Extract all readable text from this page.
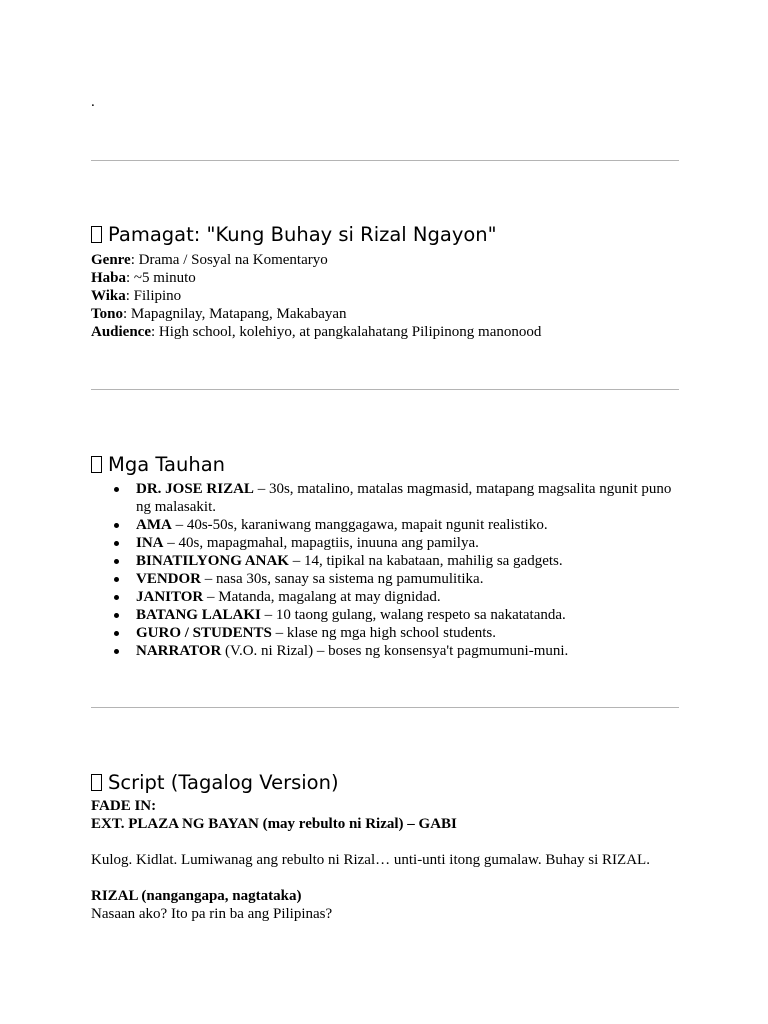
.
Pamagat: "Kung Buhay si Rizal Ngayon"
Genre: Drama / Sosyal na Komentaryo
Haba: ~5 minuto
Wika: Filipino
Tono: Mapagnilay, Matapang, Makabayan
Audience: High school, kolehiyo, at pangkalahatang Pilipinong manonood
Mga Tauhan
DR. JOSE RIZAL – 30s, matalino, matalas magmasid, matapang magsalita ngunit puno ng malasakit.
AMA – 40s-50s, karaniwang manggagawa, mapait ngunit realistiko.
INA – 40s, mapagmahal, mapagtiis, inuuna ang pamilya.
BINATILYONG ANAK – 14, tipikal na kabataan, mahilig sa gadgets.
VENDOR – nasa 30s, sanay sa sistema ng pamumulitika.
JANITOR – Matanda, magalang at may dignidad.
BATANG LALAKI – 10 taong gulang, walang respeto sa nakatatanda.
GURO / STUDENTS – klase ng mga high school students.
NARRATOR (V.O. ni Rizal) – boses ng konsensya't pagmumuni-muni.
Script (Tagalog Version)
FADE IN:
EXT. PLAZA NG BAYAN (may rebulto ni Rizal) – GABI
Kulog. Kidlat. Lumiwanag ang rebulto ni Rizal… unti-unti itong gumalaw. Buhay si RIZAL.
RIZAL (nangangapa, nagtataka)
Nasaan ako? Ito pa rin ba ang Pilipinas?
